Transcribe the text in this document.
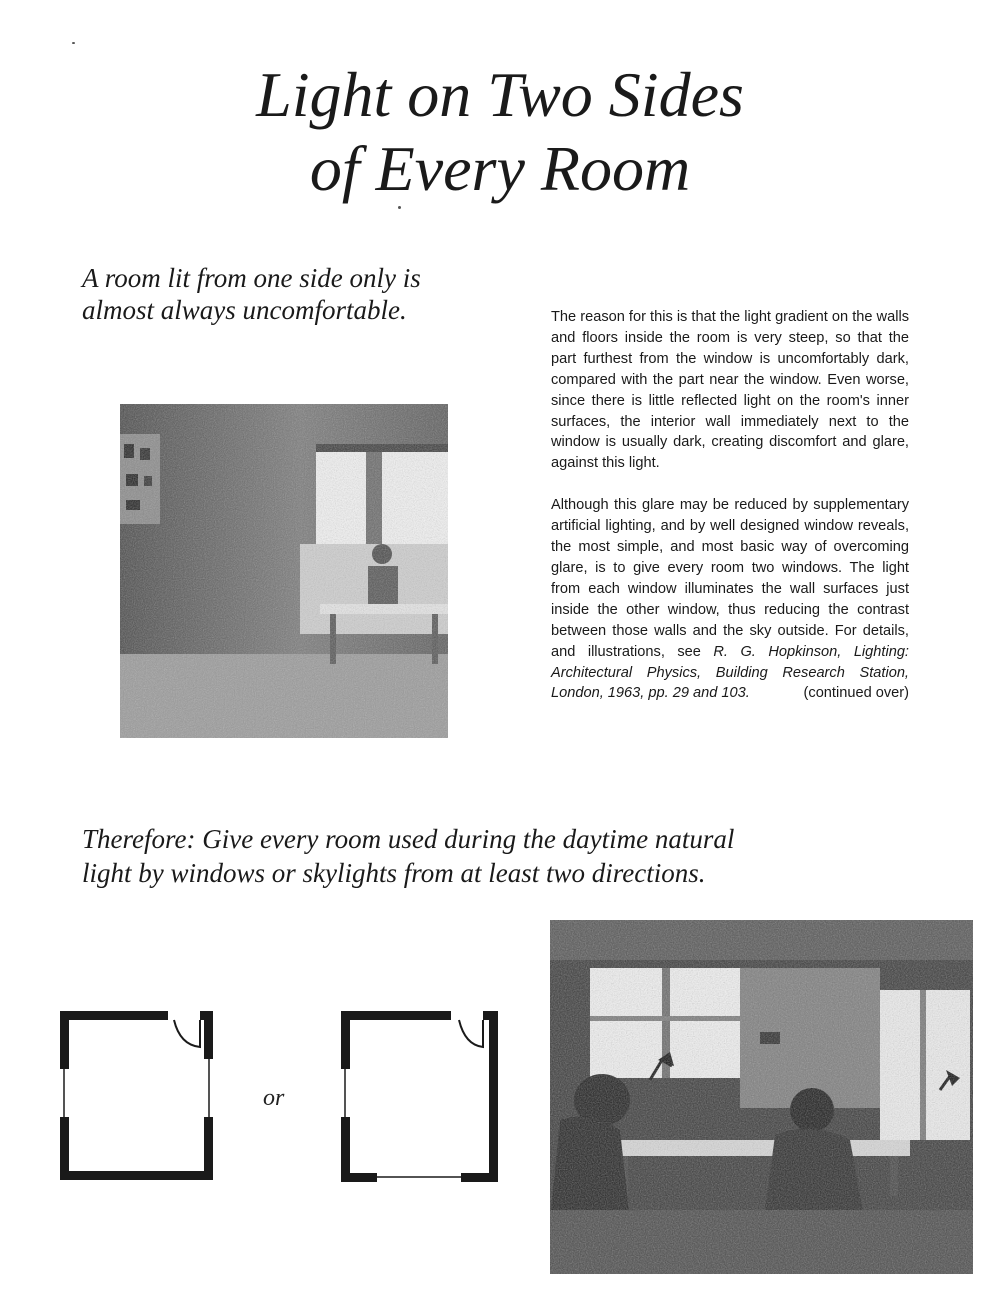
Light on Two Sides
of Every Room
A room lit from one side only is
almost always uncomfortable.	The reason for this is that the light gradient on the walls and floors inside the room is very steep, so that the part furthest from the window is uncomfortably dark, compared with the part near the window. Even worse, since there is little reflected light on the room's inner surfaces, the interior wall immediately next to the window is usually dark, creating discomfort and glare, against this light.

Although this glare may be reduced by supplementary artificial lighting, and by well designed window reveals, the most simple, and most basic way of overcoming glare, is to give every room two windows. The light from each window illuminates the wall surfaces just inside the other window, thus reducing the contrast between those walls and the sky outside. For details, and illustrations, see R. G. Hopkinson, Lighting: Architectural Physics, Building Research Station, London, 1963, pp. 29 and 103.	(continued over)

Therefore: Give every room used during the daytime natural
light by windows or skylights from at least two directions.
or
